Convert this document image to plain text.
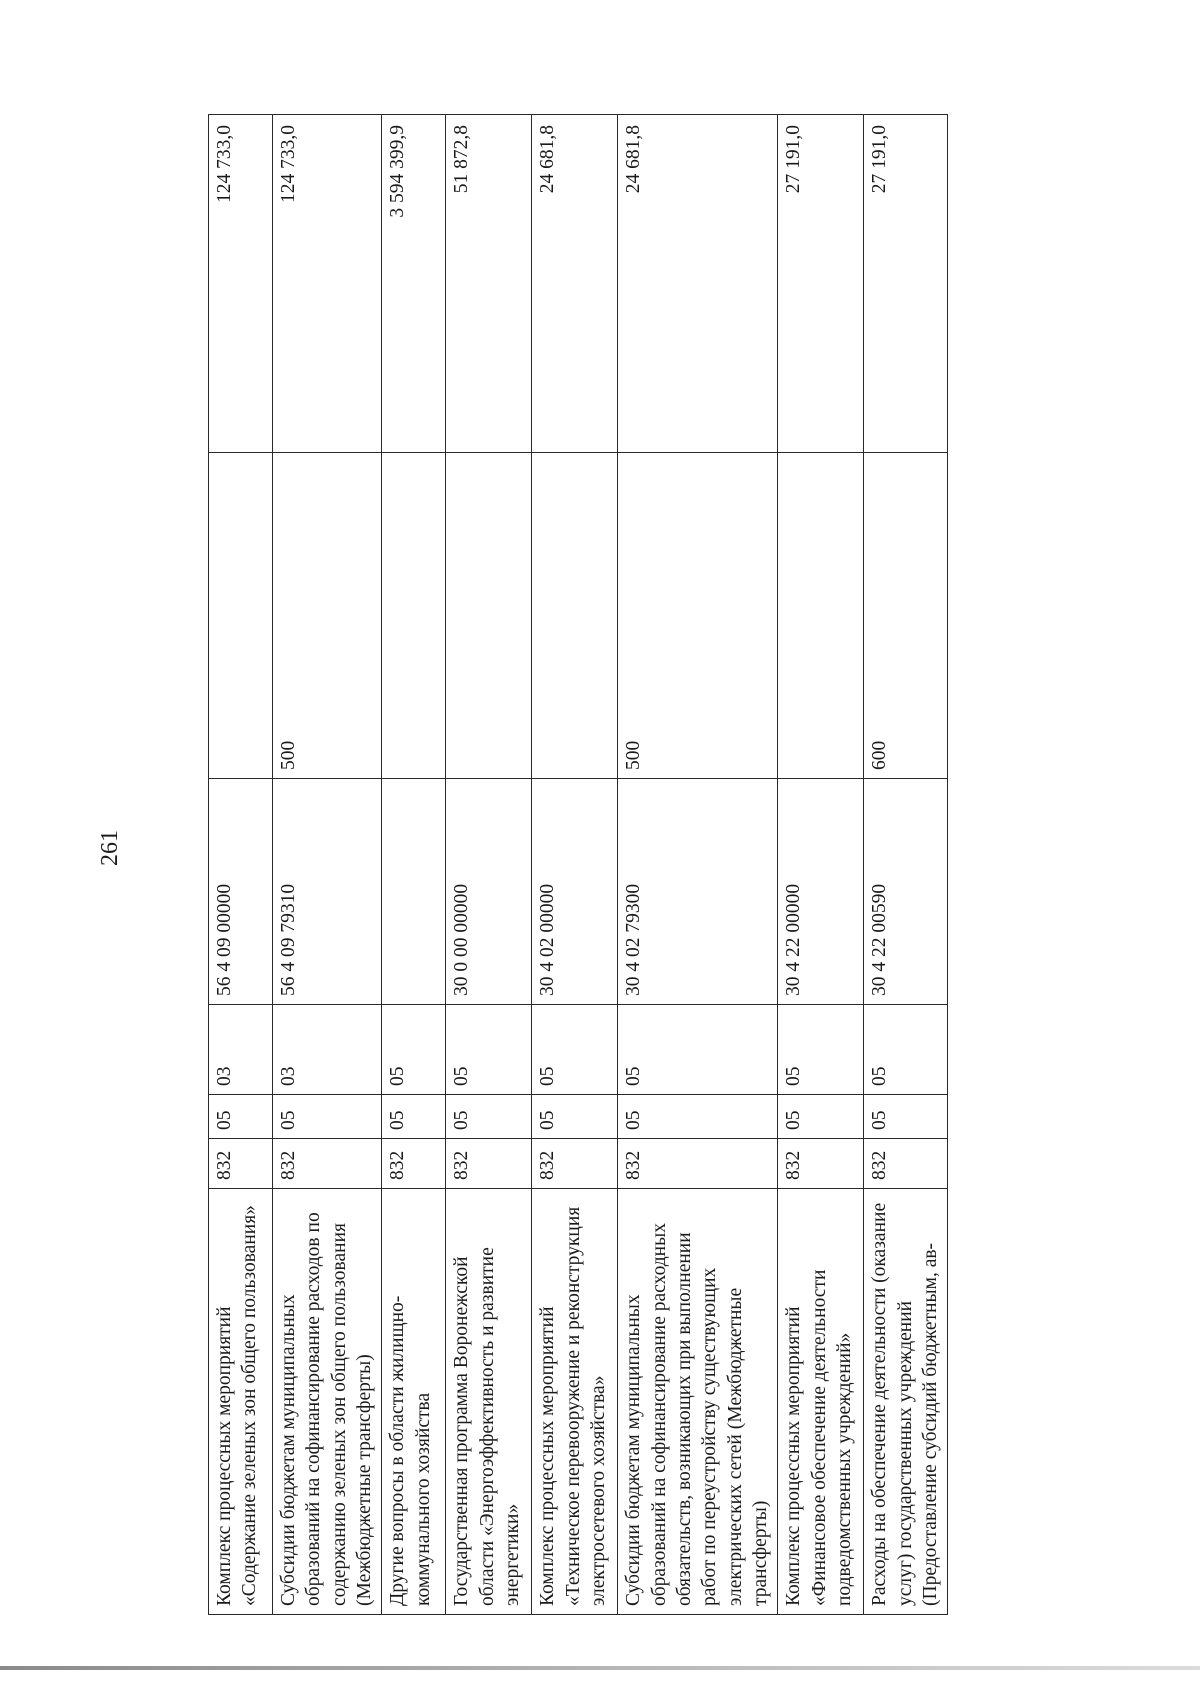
261
Комплекс процессных мероприятий «Содержание зеленых зон общего пользования»	832	05	03	56 4 09 00000		124 733,0
Субсидии бюджетам муниципальных образований на софинансирование расходов по содержанию зеленых зон общего пользования (Межбюджетные трансферты)	832	05	03	56 4 09 79310	500	124 733,0
Другие вопросы в области жилищно-коммунального хозяйства	832	05	05			3 594 399,9
Государственная программа Воронежской области «Энергоэффективность и развитие энергетики»	832	05	05	30 0 00 00000		51 872,8
Комплекс процессных мероприятий «Техническое перевооружение и реконструкция электросетевого хозяйства»	832	05	05	30 4 02 00000		24 681,8
Субсидии бюджетам муниципальных образований на софинансирование расходных обязательств, возникающих при выполнении работ по переустройству существующих электрических сетей (Межбюджетные трансферты)	832	05	05	30 4 02 79300	500	24 681,8
Комплекс процессных мероприятий «Финансовое обеспечение деятельности подведомственных учреждений»	832	05	05	30 4 22 00000		27 191,0
Расходы на обеспечение деятельности (оказание услуг) государственных учреждений (Предоставление субсидий бюджетным, ав-	832	05	05	30 4 22 00590	600	27 191,0
